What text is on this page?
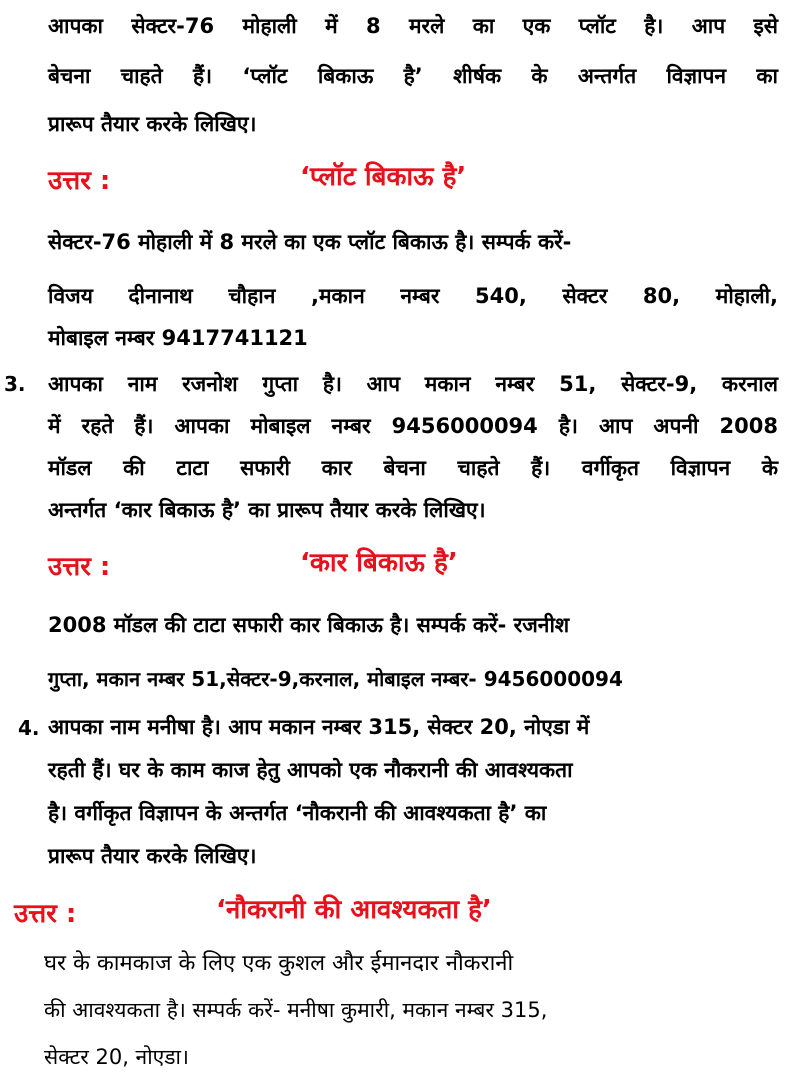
आपका सेक्टर-76 मोहाली में 8 मरले का एक प्लॉट है। आप इसे
बेचना चाहते हैं। ‘प्लॉट बिकाऊ है’ शीर्षक के अन्तर्गत विज्ञापन का
प्रारूप तैयार करके लिखिए।
उत्तर :	‘प्लॉट बिकाऊ है’
सेक्टर-76 मोहाली में 8 मरले का एक प्लॉट बिकाऊ है। सम्पर्क करें-
विजय दीनानाथ चौहान ,मकान नम्बर 540, सेक्टर 80, मोहाली,
मोबाइल नम्बर 9417741121
3. आपका नाम रजनोश गुप्ता है। आप मकान नम्बर 51, सेक्टर-9, करनाल
में रहते हैं। आपका मोबाइल नम्बर 9456000094 है। आप अपनी 2008
मॉडल की टाटा सफारी कार बेचना चाहते हैं। वर्गीकृत विज्ञापन के
अन्तर्गत ‘कार बिकाऊ है’ का प्रारूप तैयार करके लिखिए।
उत्तर :	‘कार बिकाऊ है’
2008 मॉडल की टाटा सफारी कार बिकाऊ है। सम्पर्क करें- रजनीश
गुप्ता, मकान नम्बर 51,सेक्टर-9,करनाल, मोबाइल नम्बर- 9456000094
4. आपका नाम मनीषा है। आप मकान नम्बर 315, सेक्टर 20, नोएडा में
रहती हैं। घर के काम काज हेतु आपको एक नौकरानी की आवश्यकता
है। वर्गीकृत विज्ञापन के अन्तर्गत ‘नौकरानी की आवश्यकता है’ का
प्रारूप तैयार करके लिखिए।
उत्तर :	‘नौकरानी की आवश्यकता है’
घर के कामकाज के लिए एक कुशल और ईमानदार नौकरानी
की आवश्यकता है। सम्पर्क करें- मनीषा कुमारी, मकान नम्बर 315,
सेक्टर 20, नोएडा।
